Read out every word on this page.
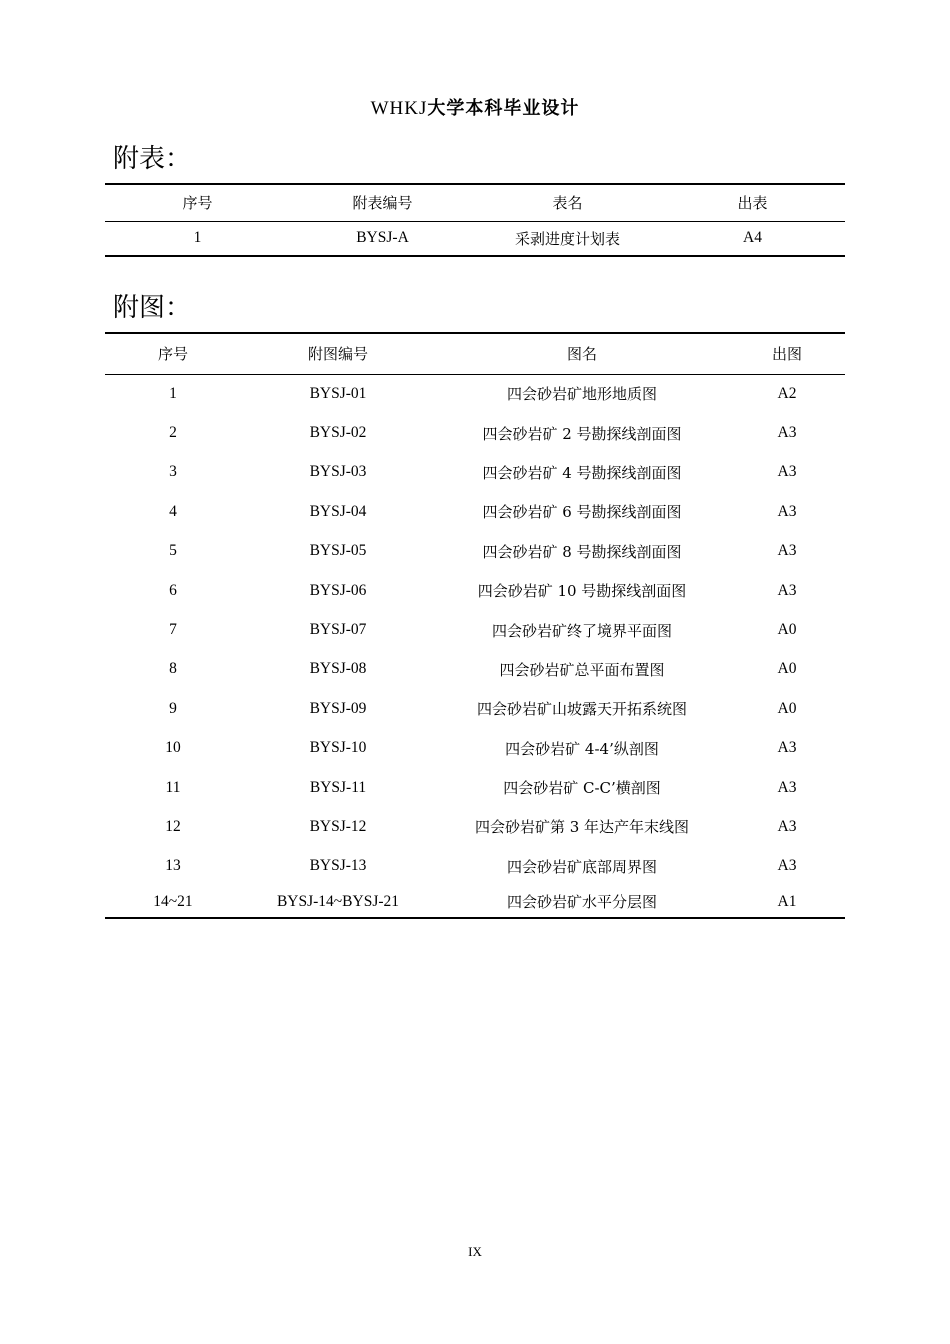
WHKJ大学本科毕业设计
附表：
序号	附表编号	表名	出表
1	BYSJ-A	采剥进度计划表	A4
附图：
序号	附图编号	图名	出图
1	BYSJ-01	四会砂岩矿地形地质图	A2
2	BYSJ-02	四会砂岩矿 2 号勘探线剖面图	A3
3	BYSJ-03	四会砂岩矿 4 号勘探线剖面图	A3
4	BYSJ-04	四会砂岩矿 6 号勘探线剖面图	A3
5	BYSJ-05	四会砂岩矿 8 号勘探线剖面图	A3
6	BYSJ-06	四会砂岩矿 10 号勘探线剖面图	A3
7	BYSJ-07	四会砂岩矿终了境界平面图	A0
8	BYSJ-08	四会砂岩矿总平面布置图	A0
9	BYSJ-09	四会砂岩矿山坡露天开拓系统图	A0
10	BYSJ-10	四会砂岩矿 4-4’纵剖图	A3
11	BYSJ-11	四会砂岩矿 C-C’横剖图	A3
12	BYSJ-12	四会砂岩矿第 3 年达产年末线图	A3
13	BYSJ-13	四会砂岩矿底部周界图	A3
14~21	BYSJ-14~BYSJ-21	四会砂岩矿水平分层图	A1
IX
